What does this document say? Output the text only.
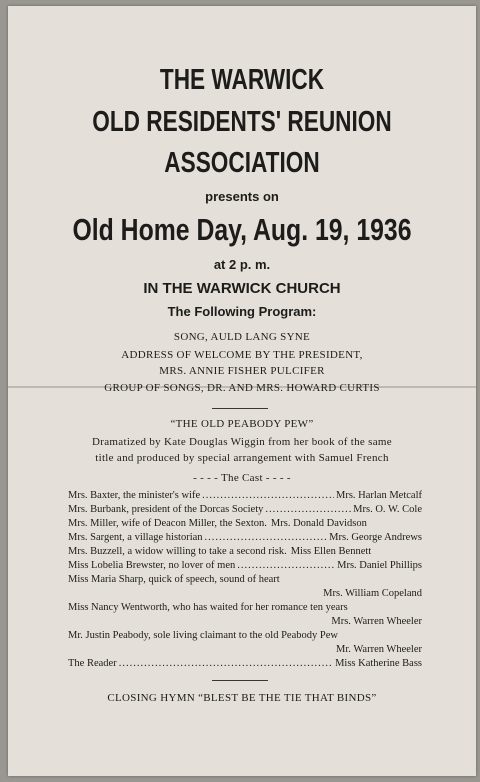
THE WARWICK
OLD RESIDENTS' REUNION
ASSOCIATION
presents on
Old Home Day, Aug. 19, 1936
at 2 p. m.
IN THE WARWICK CHURCH
The Following Program:
SONG, AULD LANG SYNE
ADDRESS OF WELCOME BY THE PRESIDENT,
MRS. ANNIE FISHER PULCIFER
GROUP OF SONGS, DR. AND MRS. HOWARD CURTIS
“THE OLD PEABODY PEW”
Dramatized by Kate Douglas Wiggin from her book of the same
title and produced by special arrangement with Samuel French
- - - - The Cast - - - -
Mrs. Baxter, the minister's wife .....	Mrs. Harlan Metcalf
Mrs. Burbank, president of the Dorcas Society .....	Mrs. O. W. Cole
Mrs. Miller, wife of Deacon Miller, the Sexton. Mrs. Donald Davidson
Mrs. Sargent, a village historian .....	Mrs. George Andrews
Mrs. Buzzell, a widow willing to take a second risk. Miss Ellen Bennett
Miss Lobelia Brewster, no lover of men .....	Mrs. Daniel Phillips
Miss Maria Sharp, quick of speech, sound of heart
Mrs. William Copeland
Miss Nancy Wentworth, who has waited for her romance ten years
Mrs. Warren Wheeler
Mr. Justin Peabody, sole living claimant to the old Peabody Pew
Mr. Warren Wheeler
The Reader .....	Miss Katherine Bass
CLOSING HYMN “BLEST BE THE TIE THAT BINDS”
